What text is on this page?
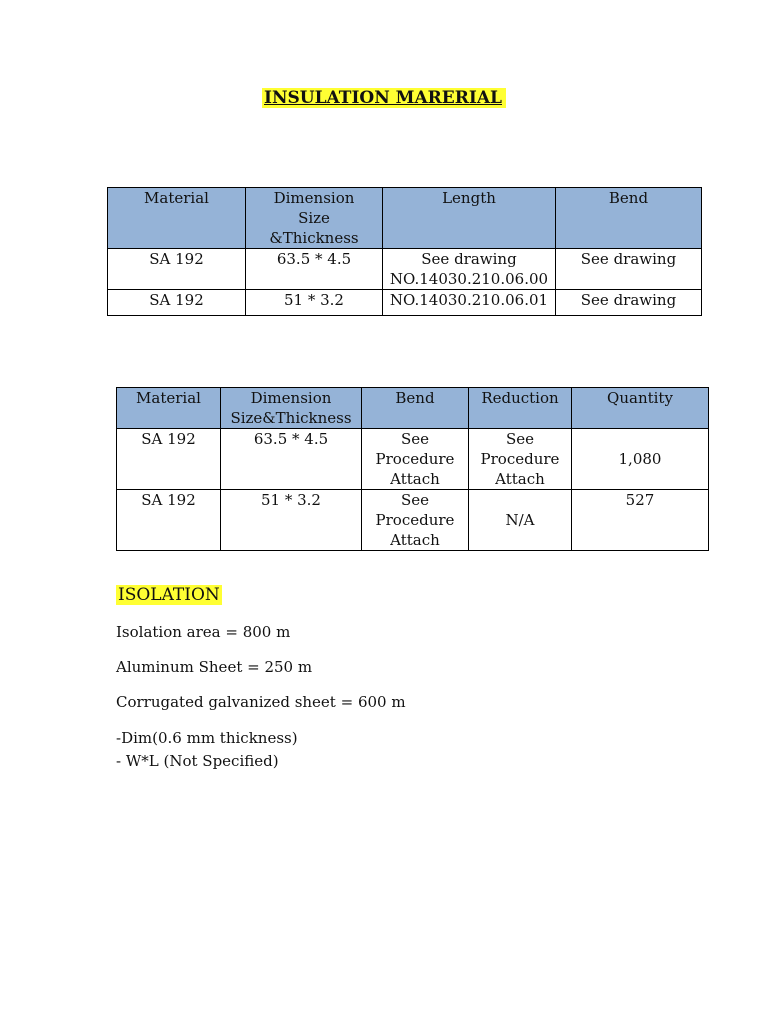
INSULATION MARERIAL
Material	Dimension Size &Thickness	Length	Bend
SA 192	63.5 * 4.5	See drawing NO.14030.210.06.00	See drawing
SA 192	51 * 3.2	NO.14030.210.06.01	See drawing
Material	Dimension Size&Thickness	Bend	Reduction	Quantity
SA 192	63.5 * 4.5	See Procedure Attach	See Procedure Attach	1,080
SA 192	51 * 3.2	See Procedure Attach	N/A	527
ISOLATION
Isolation area = 800 m
Aluminum Sheet = 250 m
Corrugated galvanized sheet = 600 m
-Dim(0.6 mm thickness)
- W*L (Not Specified)
